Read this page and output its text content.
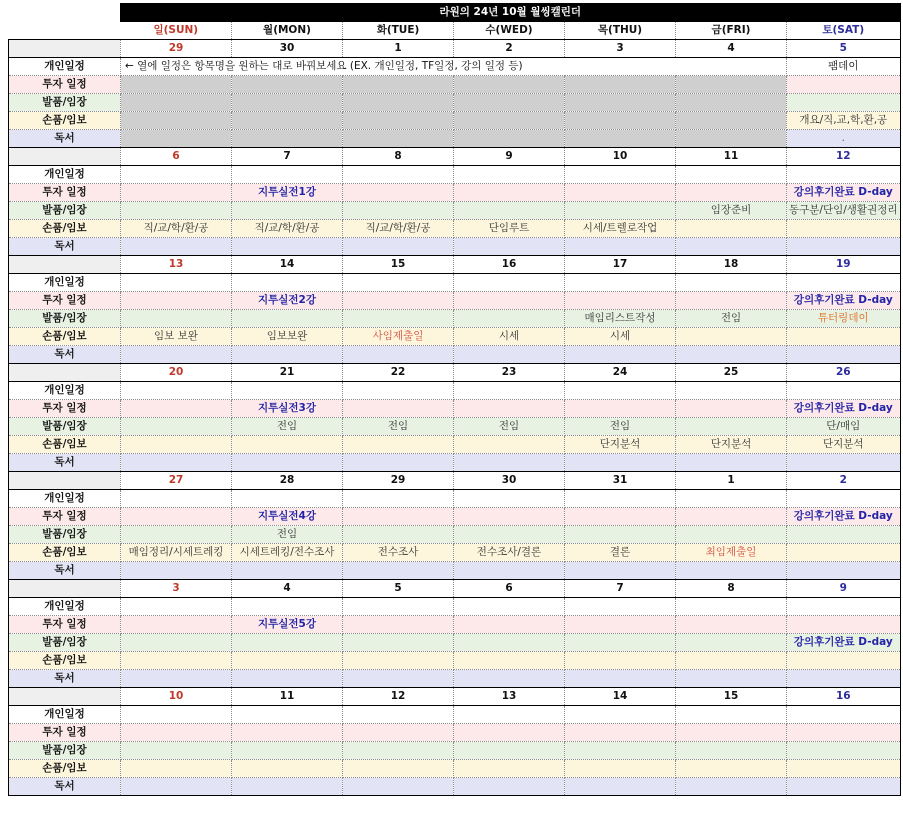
	라원의 24년 10월 월씽캘린더						
	일(SUN)	월(MON)	화(TUE)	수(WED)	목(THU)	금(FRI)	토(SAT)
	29	30	1	2	3	4	5
개인일정	← 열에 일정은 항목명을 원하는 대로 바꿔보세요 (EX. 개인일정, TF일정, 강의 일정 등)						팸데이
투자 일정							
발품/임장							
손품/임보							개요/직,교,학,환,공
독서							.
	6	7	8	9	10	11	12
개인일정							
투자 일정		지투실전1강					강의후기완료 D-day
발품/임장						임장준비	동구분/단임/생활권정리
손품/임보	직/교/학/환/공	직/교/학/환/공	직/교/학/환/공	단임루트	시세/트렐로작업		
독서							
	13	14	15	16	17	18	19
개인일정							
투자 일정		지투실전2강					강의후기완료 D-day
발품/임장					매임리스트작성	전임	튜터링데이
손품/임보	임보 보완	임보보완	사임제출일	시세	시세		
독서							
	20	21	22	23	24	25	26
개인일정							
투자 일정		지투실전3강					강의후기완료 D-day
발품/임장		전임	전임	전임	전임		단/매임
손품/임보					단지분석	단지분석	단지분석
독서							
	27	28	29	30	31	1	2
개인일정							
투자 일정		지투실전4강					강의후기완료 D-day
발품/임장		전임					
손품/임보	매임정리/시세트레킹	시세트레킹/전수조사	전수조사	전수조사/결론	결론	최임제출일	
독서							
	3	4	5	6	7	8	9
개인일정							
투자 일정		지투실전5강					
발품/임장							강의후기완료 D-day
손품/임보							
독서							
	10	11	12	13	14	15	16
개인일정							
투자 일정							
발품/임장							
손품/임보							
독서							
